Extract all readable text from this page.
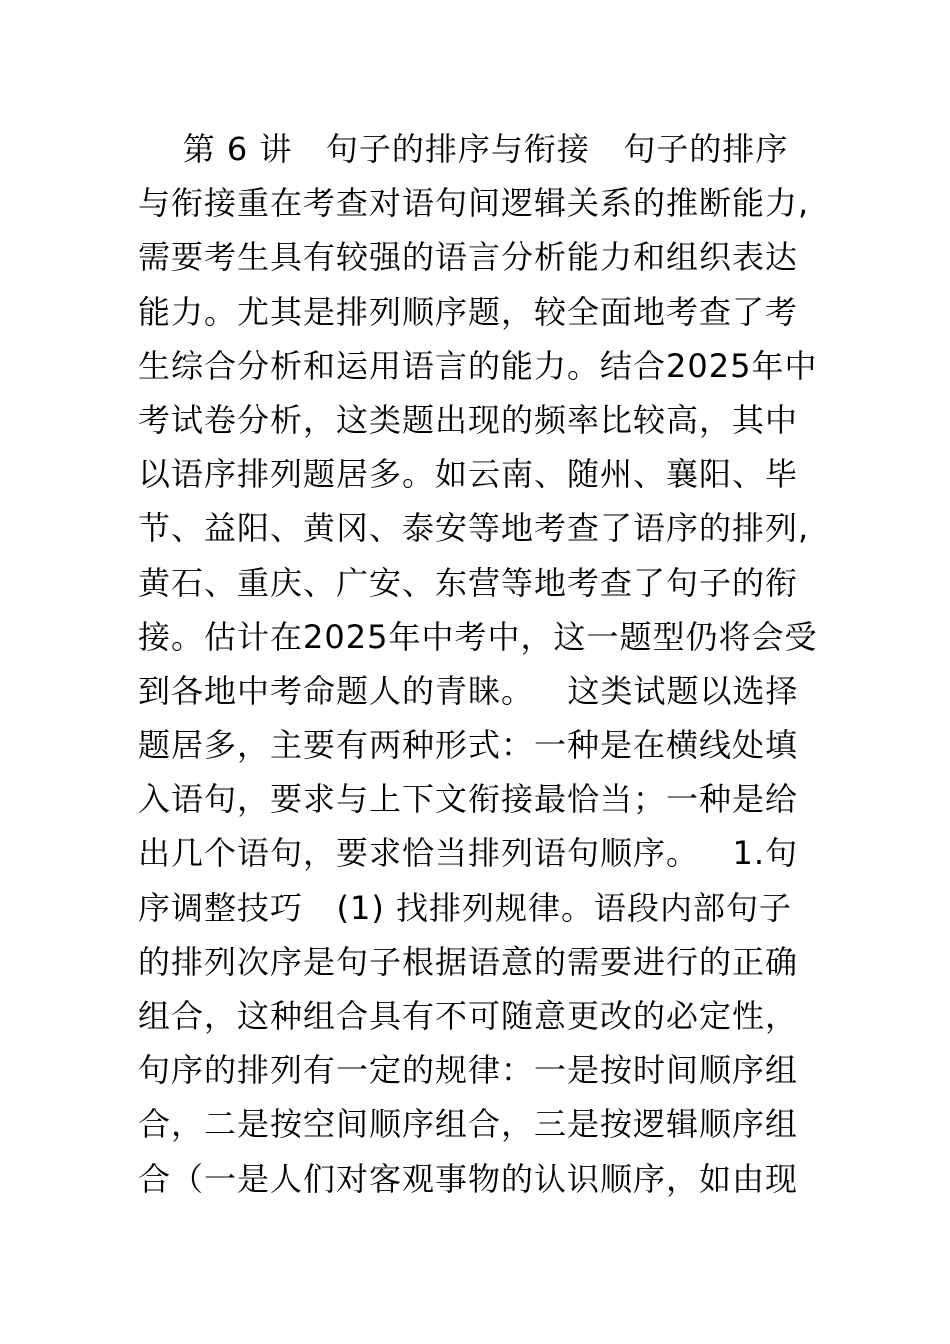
第 6 讲   句子的排序与衔接   句子的排序
与衔接重在考查对语句间逻辑关系的推断能力,
需要考生具有较强的语言分析能力和组织表达
能力。尤其是排列顺序题，较全面地考查了考
生综合分析和运用语言的能力。结合2025年中
考试卷分析，这类题出现的频率比较高，其中
以语序排列题居多。如云南、随州、襄阳、毕
节、益阳、黄冈、泰安等地考查了语序的排列,
黄石、重庆、广安、东营等地考查了句子的衔
接。估计在2025年中考中，这一题型仍将会受
到各地中考命题人的青睐。   这类试题以选择
题居多，主要有两种形式：一种是在横线处填
入语句，要求与上下文衔接最恰当；一种是给
出几个语句，要求恰当排列语句顺序。   1.句
序调整技巧   (1) 找排列规律。语段内部句子
的排列次序是句子根据语意的需要进行的正确
组合，这种组合具有不可随意更改的必定性，
句序的排列有一定的规律：一是按时间顺序组
合，二是按空间顺序组合，三是按逻辑顺序组
合（一是人们对客观事物的认识顺序，如由现
